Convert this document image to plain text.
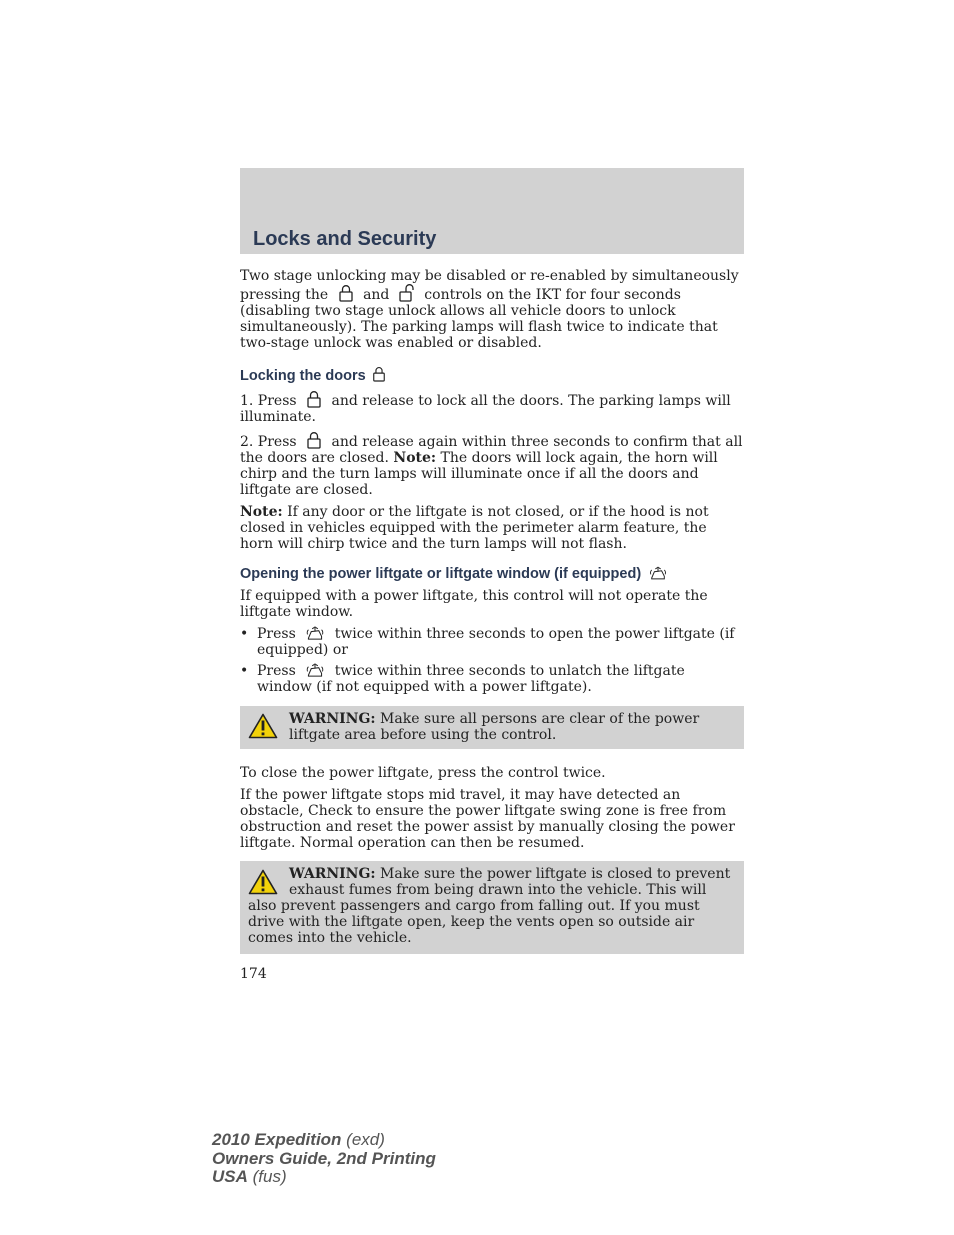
Locks and Security

Two stage unlocking may be disabled or re-enabled by simultaneously pressing the and controls on the IKT for four seconds (disabling two stage unlock allows all vehicle doors to unlock simultaneously). The parking lamps will flash twice to indicate that two-stage unlock was enabled or disabled.

Locking the doors

1. Press and release to lock all the doors. The parking lamps will illuminate.

2. Press and release again within three seconds to confirm that all the doors are closed. Note: The doors will lock again, the horn will chirp and the turn lamps will illuminate once if all the doors and liftgate are closed.

Note: If any door or the liftgate is not closed, or if the hood is not closed in vehicles equipped with the perimeter alarm feature, the horn will chirp twice and the turn lamps will not flash.

Opening the power liftgate or liftgate window (if equipped)

If equipped with a power liftgate, this control will not operate the liftgate window.

• Press	twice within three seconds to open the power liftgate (if equipped) or
• Press	twice within three seconds to unlatch the liftgate window (if not equipped with a power liftgate).
WARNING: Make sure all persons are clear of the power liftgate area before using the control.

To close the power liftgate, press the control twice.

If the power liftgate stops mid travel, it may have detected an obstacle, Check to ensure the power liftgate swing zone is free from obstruction and reset the power assist by manually closing the power liftgate. Normal operation can then be resumed.

WARNING: Make sure the power liftgate is closed to prevent exhaust fumes from being drawn into the vehicle. This will also prevent passengers and cargo from falling out. If you must drive with the liftgate open, keep the vents open so outside air comes into the vehicle.
174
2010 Expedition (exd)
Owners Guide, 2nd Printing
USA (fus)
